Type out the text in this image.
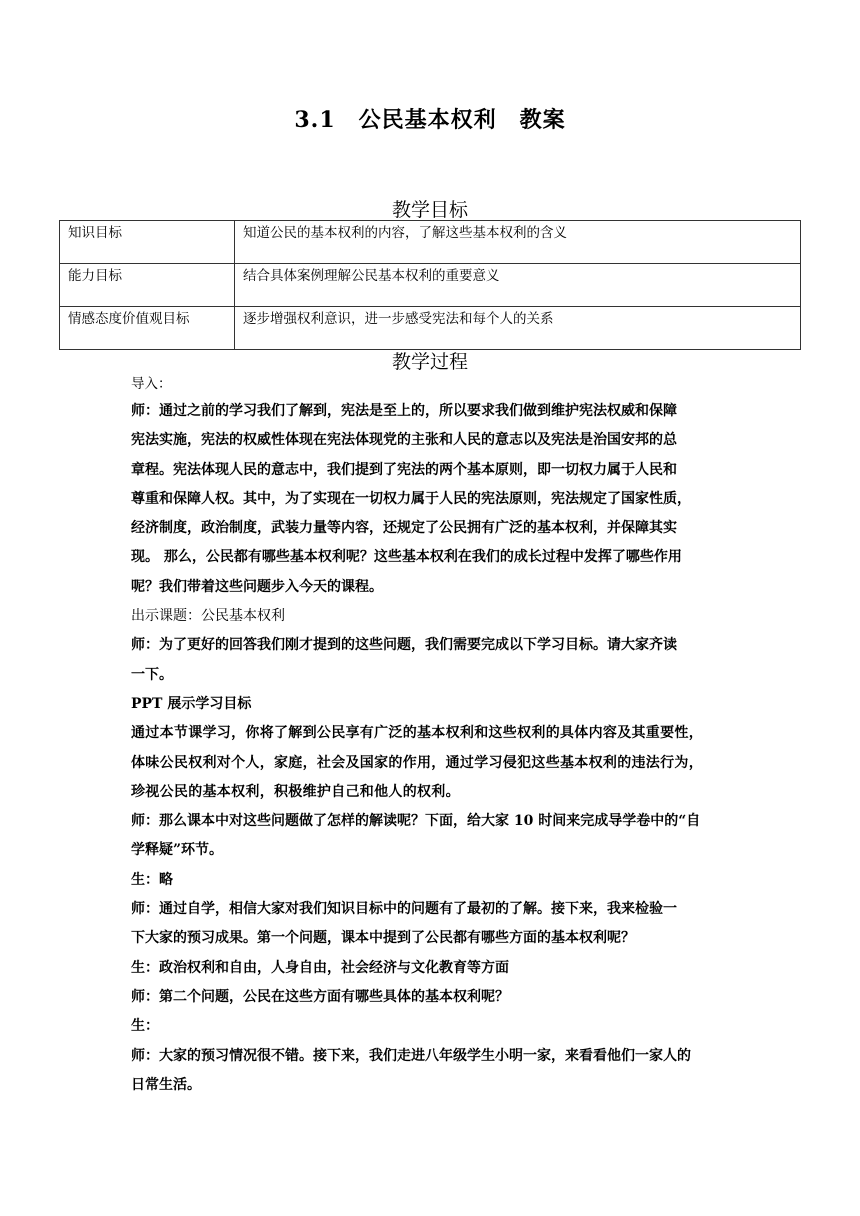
3.1　公民基本权利　教案
教学目标
知识目标	知道公民的基本权利的内容，了解这些基本权利的含义
能力目标	结合具体案例理解公民基本权利的重要意义
情感态度价值观目标	逐步增强权利意识，进一步感受宪法和每个人的关系
教学过程

导入：

师：通过之前的学习我们了解到，宪法是至上的，所以要求我们做到维护宪法权威和保障

宪法实施，宪法的权威性体现在宪法体现党的主张和人民的意志以及宪法是治国安邦的总

章程。宪法体现人民的意志中，我们提到了宪法的两个基本原则，即一切权力属于人民和

尊重和保障人权。其中，为了实现在一切权力属于人民的宪法原则，宪法规定了国家性质，

经济制度，政治制度，武装力量等内容，还规定了公民拥有广泛的基本权利，并保障其实

现。 那么，公民都有哪些基本权利呢？这些基本权利在我们的成长过程中发挥了哪些作用

呢？我们带着这些问题步入今天的课程。

出示课题：公民基本权利

师：为了更好的回答我们刚才提到的这些问题，我们需要完成以下学习目标。请大家齐读

一下。

PPT 展示学习目标

通过本节课学习，你将了解到公民享有广泛的基本权利和这些权利的具体内容及其重要性，

体味公民权利对个人，家庭，社会及国家的作用，通过学习侵犯这些基本权利的违法行为，

珍视公民的基本权利，积极维护自己和他人的权利。

师：那么课本中对这些问题做了怎样的解读呢？下面，给大家 10 时间来完成导学卷中的“自

学释疑”环节。

生：略

师：通过自学，相信大家对我们知识目标中的问题有了最初的了解。接下来，我来检验一

下大家的预习成果。第一个问题，课本中提到了公民都有哪些方面的基本权利呢？

生：政治权利和自由，人身自由，社会经济与文化教育等方面

师：第二个问题，公民在这些方面有哪些具体的基本权利呢？

生：

师：大家的预习情况很不错。接下来，我们走进八年级学生小明一家，来看看他们一家人的

日常生活。
